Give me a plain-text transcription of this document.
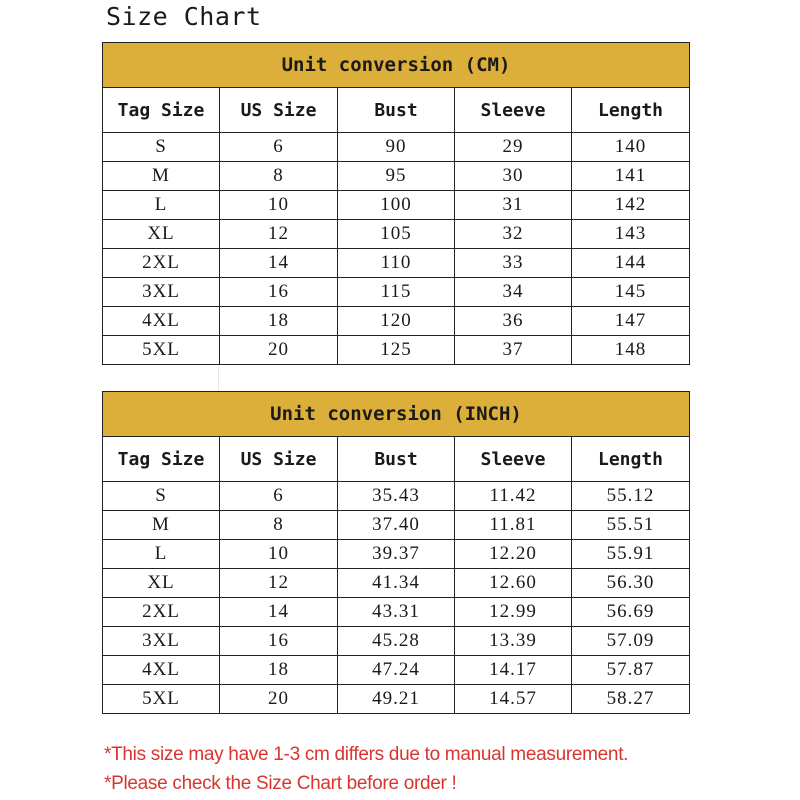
Size Chart
Unit conversion (CM)				
Tag Size	US Size	Bust	Sleeve	Length
S	6	90	29	140
M	8	95	30	141
L	10	100	31	142
XL	12	105	32	143
2XL	14	110	33	144
3XL	16	115	34	145
4XL	18	120	36	147
5XL	20	125	37	148
Unit conversion (INCH)				
Tag Size	US Size	Bust	Sleeve	Length
S	6	35.43	11.42	55.12
M	8	37.40	11.81	55.51
L	10	39.37	12.20	55.91
XL	12	41.34	12.60	56.30
2XL	14	43.31	12.99	56.69
3XL	16	45.28	13.39	57.09
4XL	18	47.24	14.17	57.87
5XL	20	49.21	14.57	58.27
*This size may have 1-3 cm differs due to manual measurement.
*Please check the Size Chart before order !
